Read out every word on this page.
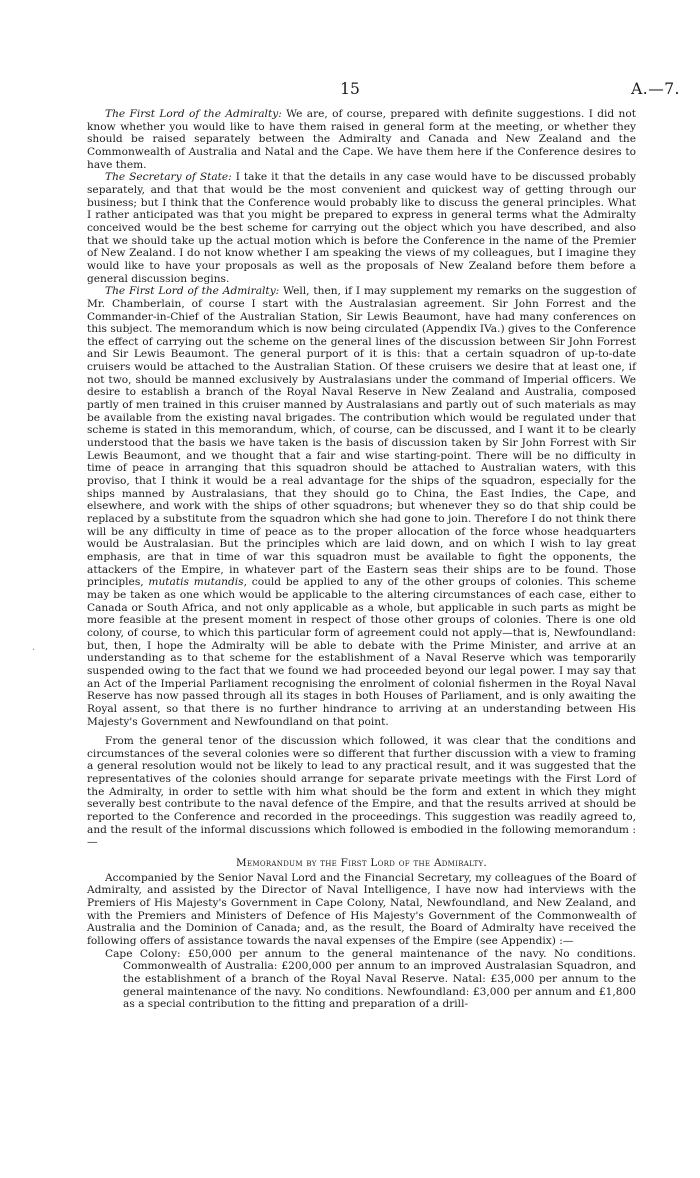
15	A.—7.
·

The First Lord of the Admiralty: We are, of course, prepared with definite suggestions. I did not know whether you would like to have them raised in general form at the meeting, or whether they should be raised separately between the Admiralty and Canada and New Zealand and the Commonwealth of Australia and Natal and the Cape. We have them here if the Conference desires to have them.

The Secretary of State: I take it that the details in any case would have to be discussed probably separately, and that that would be the most convenient and quickest way of getting through our business; but I think that the Conference would probably like to discuss the general principles. What I rather anticipated was that you might be prepared to express in general terms what the Admiralty conceived would be the best scheme for carrying out the object which you have described, and also that we should take up the actual motion which is before the Conference in the name of the Premier of New Zealand. I do not know whether I am speaking the views of my colleagues, but I imagine they would like to have your proposals as well as the proposals of New Zealand before them before a general discussion begins.

The First Lord of the Admiralty: Well, then, if I may supplement my remarks on the suggestion of Mr. Chamberlain, of course I start with the Australasian agreement. Sir John Forrest and the Commander-in-Chief of the Australian Station, Sir Lewis Beaumont, have had many conferences on this subject. The memorandum which is now being circulated (Appendix IVa.) gives to the Conference the effect of carrying out the scheme on the general lines of the discussion between Sir John Forrest and Sir Lewis Beaumont. The general purport of it is this: that a certain squadron of up-to-date cruisers would be attached to the Australian Station. Of these cruisers we desire that at least one, if not two, should be manned exclusively by Australasians under the command of Imperial officers. We desire to establish a branch of the Royal Naval Reserve in New Zealand and Australia, composed partly of men trained in this cruiser manned by Australasians and partly out of such materials as may be available from the existing naval brigades. The contribution which would be regulated under that scheme is stated in this memorandum, which, of course, can be discussed, and I want it to be clearly understood that the basis we have taken is the basis of discussion taken by Sir John Forrest with Sir Lewis Beaumont, and we thought that a fair and wise starting-point. There will be no difficulty in time of peace in arranging that this squadron should be attached to Australian waters, with this proviso, that I think it would be a real advantage for the ships of the squadron, especially for the ships manned by Australasians, that they should go to China, the East Indies, the Cape, and elsewhere, and work with the ships of other squadrons; but whenever they so do that ship could be replaced by a substitute from the squadron which she had gone to join. Therefore I do not think there will be any difficulty in time of peace as to the proper allocation of the force whose headquarters would be Australasian. But the principles which are laid down, and on which I wish to lay great emphasis, are that in time of war this squadron must be available to fight the opponents, the attackers of the Empire, in whatever part of the Eastern seas their ships are to be found. Those principles, mutatis mutandis, could be applied to any of the other groups of colonies. This scheme may be taken as one which would be applicable to the altering circumstances of each case, either to Canada or South Africa, and not only applicable as a whole, but applicable in such parts as might be more feasible at the present moment in respect of those other groups of colonies. There is one old colony, of course, to which this particular form of agreement could not apply—that is, Newfoundland: but, then, I hope the Admiralty will be able to debate with the Prime Minister, and arrive at an understanding as to that scheme for the establishment of a Naval Reserve which was temporarily suspended owing to the fact that we found we had proceeded beyond our legal power. I may say that an Act of the Imperial Parliament recognising the enrolment of colonial fishermen in the Royal Naval Reserve has now passed through all its stages in both Houses of Parliament, and is only awaiting the Royal assent, so that there is no further hindrance to arriving at an understanding between His Majesty's Government and Newfoundland on that point.

From the general tenor of the discussion which followed, it was clear that the conditions and circumstances of the several colonies were so different that further discussion with a view to framing a general resolution would not be likely to lead to any practical result, and it was suggested that the representatives of the colonies should arrange for separate private meetings with the First Lord of the Admiralty, in order to settle with him what should be the form and extent in which they might severally best contribute to the naval defence of the Empire, and that the results arrived at should be reported to the Conference and recorded in the proceedings. This suggestion was readily agreed to, and the result of the informal discussions which followed is embodied in the following memorandum :—

Memorandum by the First Lord of the Admiralty.

Accompanied by the Senior Naval Lord and the Financial Secretary, my colleagues of the Board of Admiralty, and assisted by the Director of Naval Intelligence, I have now had interviews with the Premiers of His Majesty's Government in Cape Colony, Natal, Newfoundland, and New Zealand, and with the Premiers and Ministers of Defence of His Majesty's Government of the Commonwealth of Australia and the Dominion of Canada; and, as the result, the Board of Admiralty have received the following offers of assistance towards the naval expenses of the Empire (see Appendix) :—

Cape Colony: £50,000 per annum to the general maintenance of the navy. No conditions. Commonwealth of Australia: £200,000 per annum to an improved Australasian Squadron, and the establishment of a branch of the Royal Naval Reserve. Natal: £35,000 per annum to the general maintenance of the navy. No conditions. Newfoundland: £3,000 per annum and £1,800 as a special contribution to the fitting and preparation of a drill-
